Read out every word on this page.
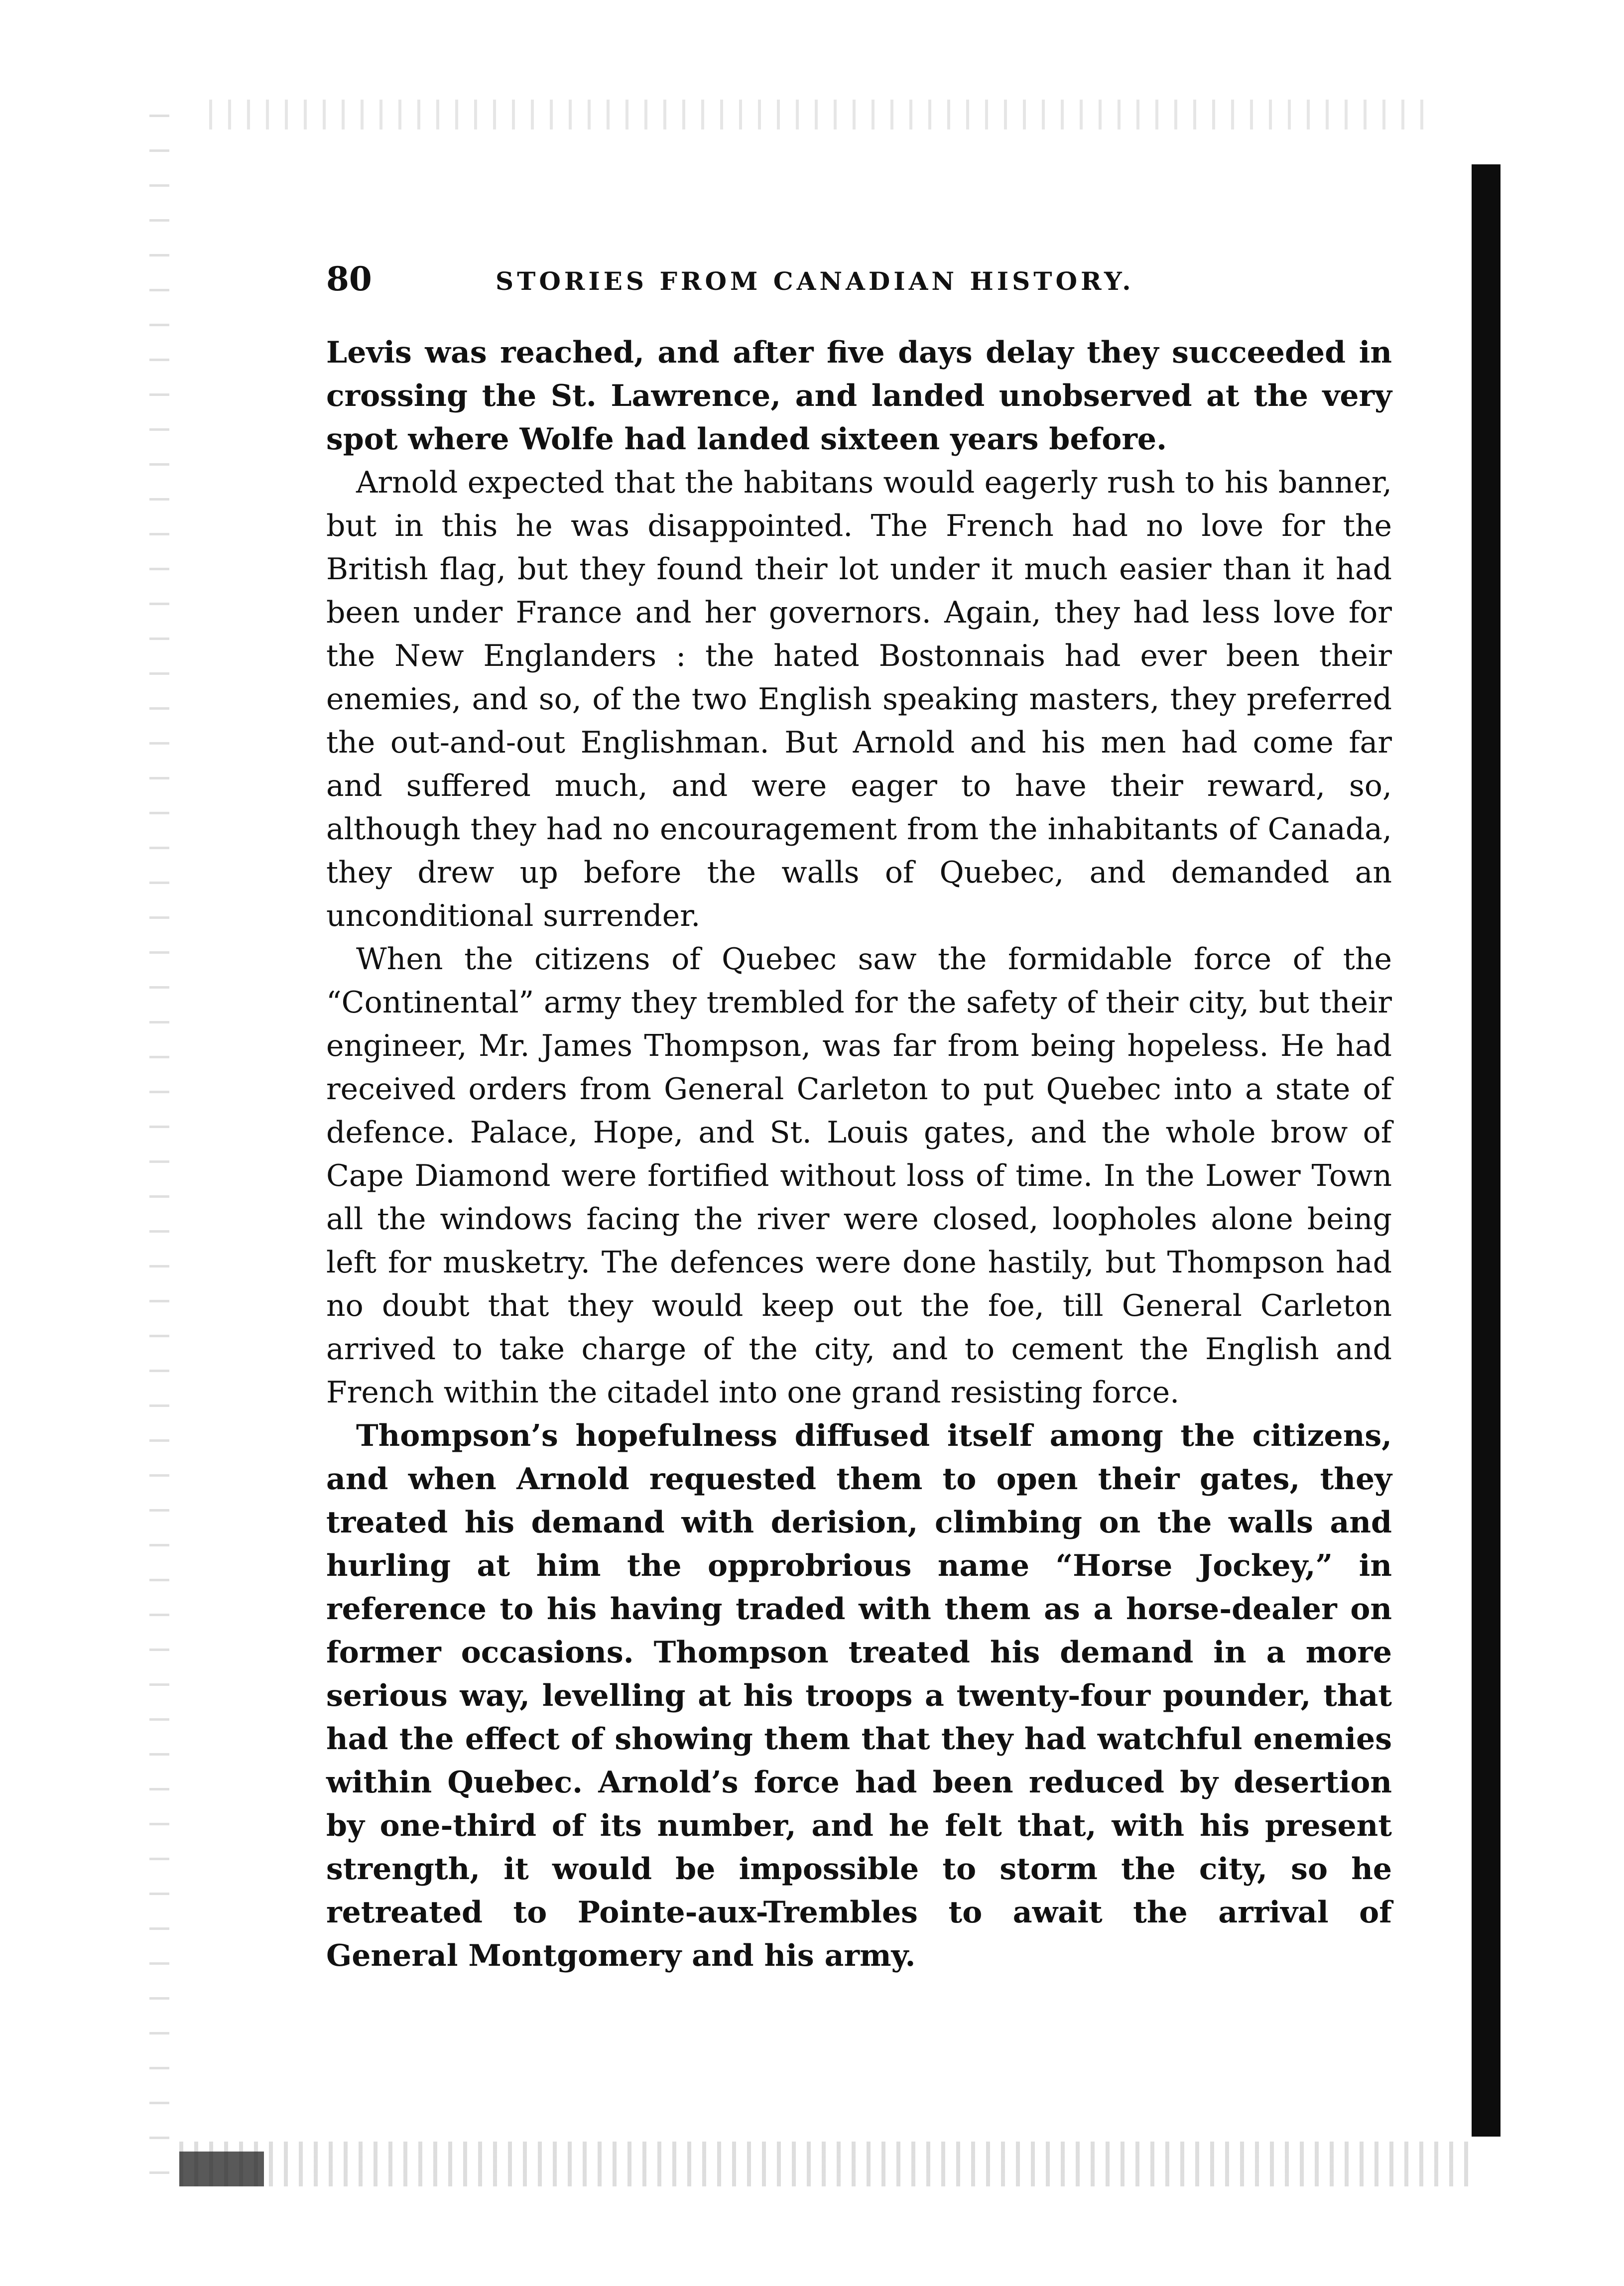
80	STORIES FROM CANADIAN HISTORY.

Levis was reached, and after five days delay they succeeded in crossing the St. Lawrence, and landed unobserved at the very spot where Wolfe had landed sixteen years before.

Arnold expected that the habitans would eagerly rush to his banner, but in this he was disappointed. The French had no love for the British flag, but they found their lot under it much easier than it had been under France and her governors. Again, they had less love for the New Englanders : the hated Bostonnais had ever been their enemies, and so, of the two English speaking masters, they preferred the out-and-out Englishman. But Arnold and his men had come far and suffered much, and were eager to have their reward, so, although they had no encouragement from the inhabitants of Canada, they drew up before the walls of Quebec, and demanded an unconditional surrender.

When the citizens of Quebec saw the formidable force of the “Continental” army they trembled for the safety of their city, but their engineer, Mr. James Thompson, was far from being hopeless. He had received orders from General Carleton to put Quebec into a state of defence. Palace, Hope, and St. Louis gates, and the whole brow of Cape Diamond were fortified without loss of time. In the Lower Town all the windows facing the river were closed, loopholes alone being left for musketry. The defences were done hastily, but Thompson had no doubt that they would keep out the foe, till General Carleton arrived to take charge of the city, and to cement the English and French within the citadel into one grand resisting force.

Thompson’s hopefulness diffused itself among the citizens, and when Arnold requested them to open their gates, they treated his demand with derision, climbing on the walls and hurling at him the opprobrious name “Horse Jockey,” in reference to his having traded with them as a horse-dealer on former occasions. Thompson treated his demand in a more serious way, levelling at his troops a twenty-four pounder, that had the effect of showing them that they had watchful enemies within Quebec. Arnold’s force had been reduced by desertion by one-third of its number, and he felt that, with his present strength, it would be impossible to storm the city, so he retreated to Pointe-aux-Trembles to await the arrival of General Montgomery and his army.
